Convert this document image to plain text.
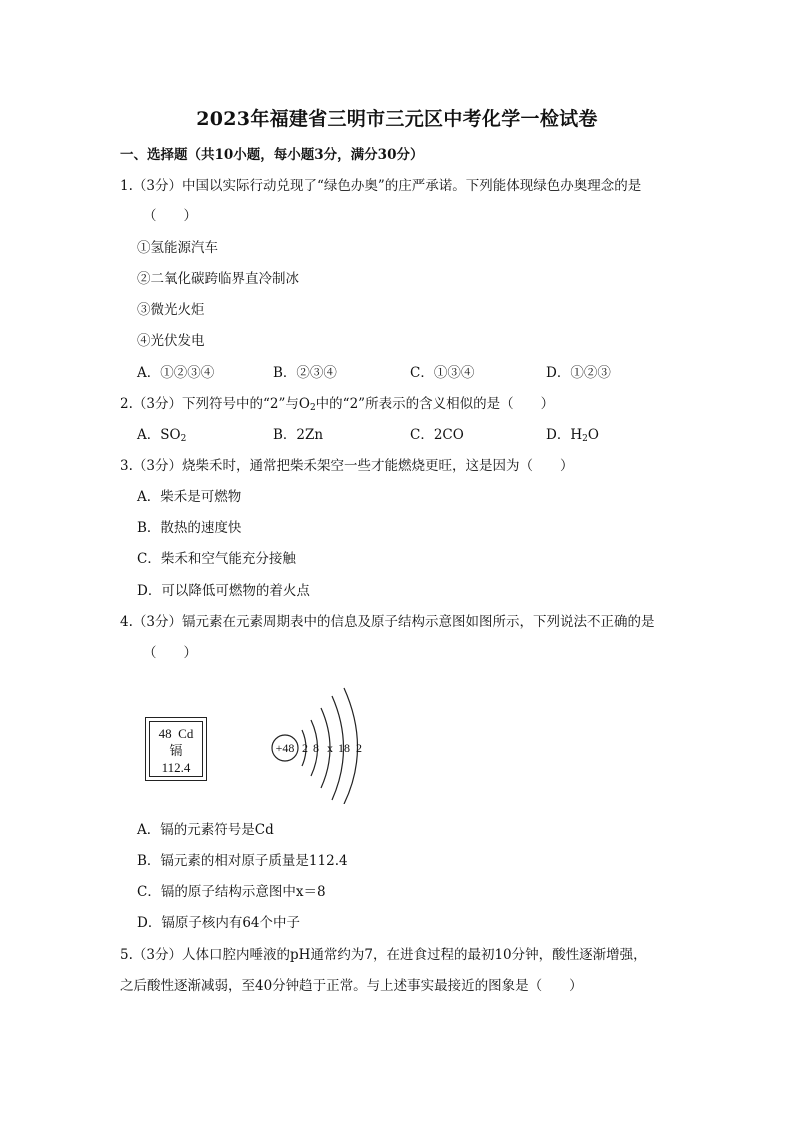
2023年福建省三明市三元区中考化学一检试卷
一、选择题（共10小题，每小题3分，满分30分）
1.（3分）中国以实际行动兑现了“绿色办奥”的庄严承诺。下列能体现绿色办奥理念的是
（　　）
①氢能源汽车
②二氧化碳跨临界直冷制冰
③微光火炬
④光伏发电
A．①②③④	B．②③④	C．①③④	D．①②③
2.（3分）下列符号中的“2”与$O_2$中的“2”所表示的含义相似的是（　　）
A．$SO_2$	B．2Zn	C．2CO	D．$H_2O$
3.（3分）烧柴禾时，通常把柴禾架空一些才能燃烧更旺，这是因为（　　）
A．柴禾是可燃物
B．散热的速度快
C．柴禾和空气能充分接触
D．可以降低可燃物的着火点
4.（3分）镉元素在元素周期表中的信息及原子结构示意图如图所示，下列说法不正确的是
（　　）
48 Cd
镉
112.4
+48 2 8 x 18 2
A．镉的元素符号是Cd
B．镉元素的相对原子质量是112.4
C．镉的原子结构示意图中x＝8
D．镉原子核内有64个中子
5.（3分）人体口腔内唾液的pH通常约为7，在进食过程的最初10分钟，酸性逐渐增强，
之后酸性逐渐减弱，至40分钟趋于正常。与上述事实最接近的图象是（　　）
